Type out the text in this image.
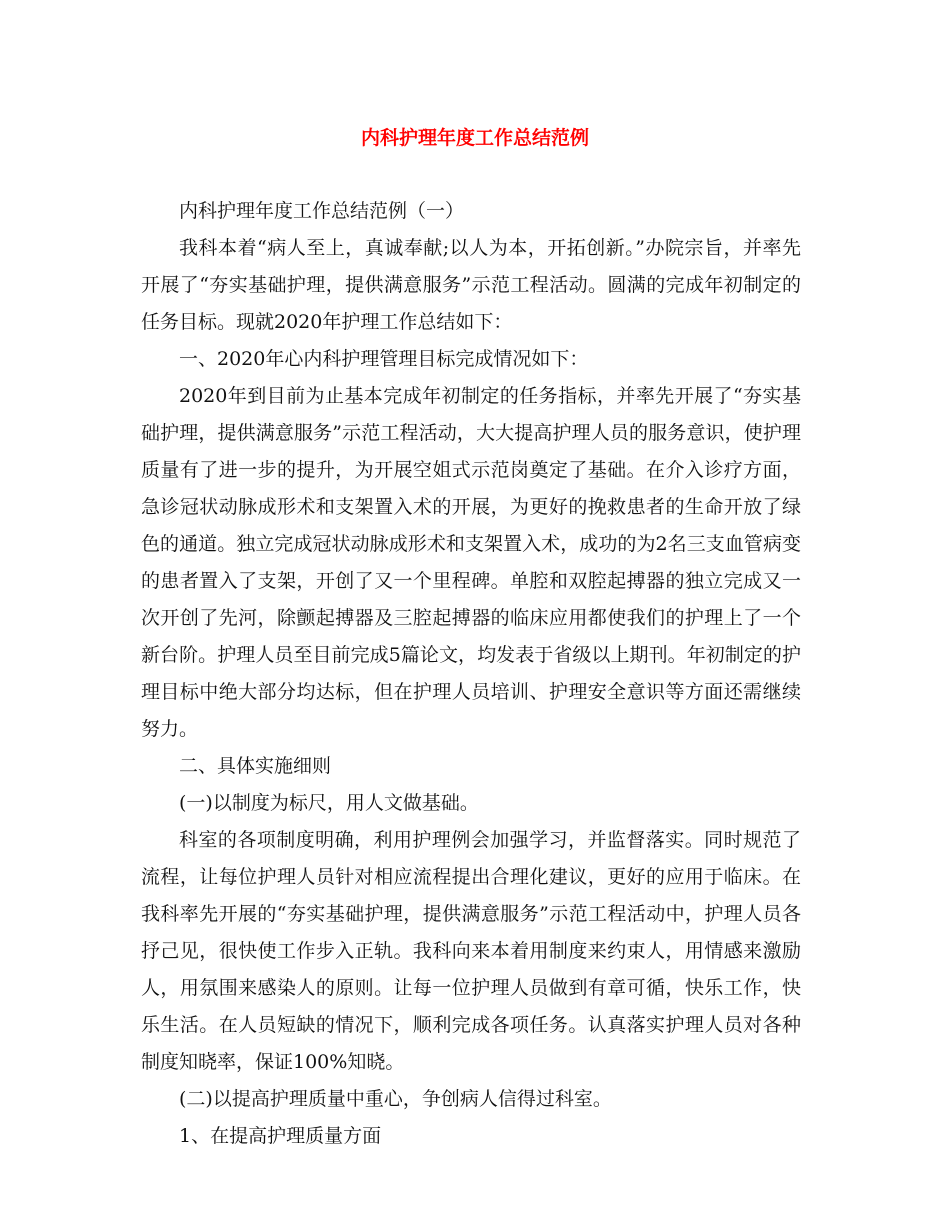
内科护理年度工作总结范例

内科护理年度工作总结范例（一）

我科本着“病人至上，真诚奉献;以人为本，开拓创新。”办院宗旨，并率先开展了“夯实基础护理，提供满意服务”示范工程活动。圆满的完成年初制定的任务目标。现就2020年护理工作总结如下：

一、2020年心内科护理管理目标完成情况如下：

2020年到目前为止基本完成年初制定的任务指标，并率先开展了“夯实基础护理，提供满意服务”示范工程活动，大大提高护理人员的服务意识，使护理质量有了进一步的提升，为开展空姐式示范岗奠定了基础。在介入诊疗方面，急诊冠状动脉成形术和支架置入术的开展，为更好的挽救患者的生命开放了绿色的通道。独立完成冠状动脉成形术和支架置入术，成功的为2名三支血管病变的患者置入了支架，开创了又一个里程碑。单腔和双腔起搏器的独立完成又一次开创了先河，除颤起搏器及三腔起搏器的临床应用都使我们的护理上了一个新台阶。护理人员至目前完成5篇论文，均发表于省级以上期刊。年初制定的护理目标中绝大部分均达标，但在护理人员培训、护理安全意识等方面还需继续努力。

二、具体实施细则

(一)以制度为标尺，用人文做基础。

科室的各项制度明确，利用护理例会加强学习，并监督落实。同时规范了流程，让每位护理人员针对相应流程提出合理化建议，更好的应用于临床。在我科率先开展的“夯实基础护理，提供满意服务”示范工程活动中，护理人员各抒己见，很快使工作步入正轨。我科向来本着用制度来约束人，用情感来激励人，用氛围来感染人的原则。让每一位护理人员做到有章可循，快乐工作，快乐生活。在人员短缺的情况下，顺利完成各项任务。认真落实护理人员对各种制度知晓率，保证100%知晓。

(二)以提高护理质量中重心，争创病人信得过科室。

1、在提高护理质量方面
